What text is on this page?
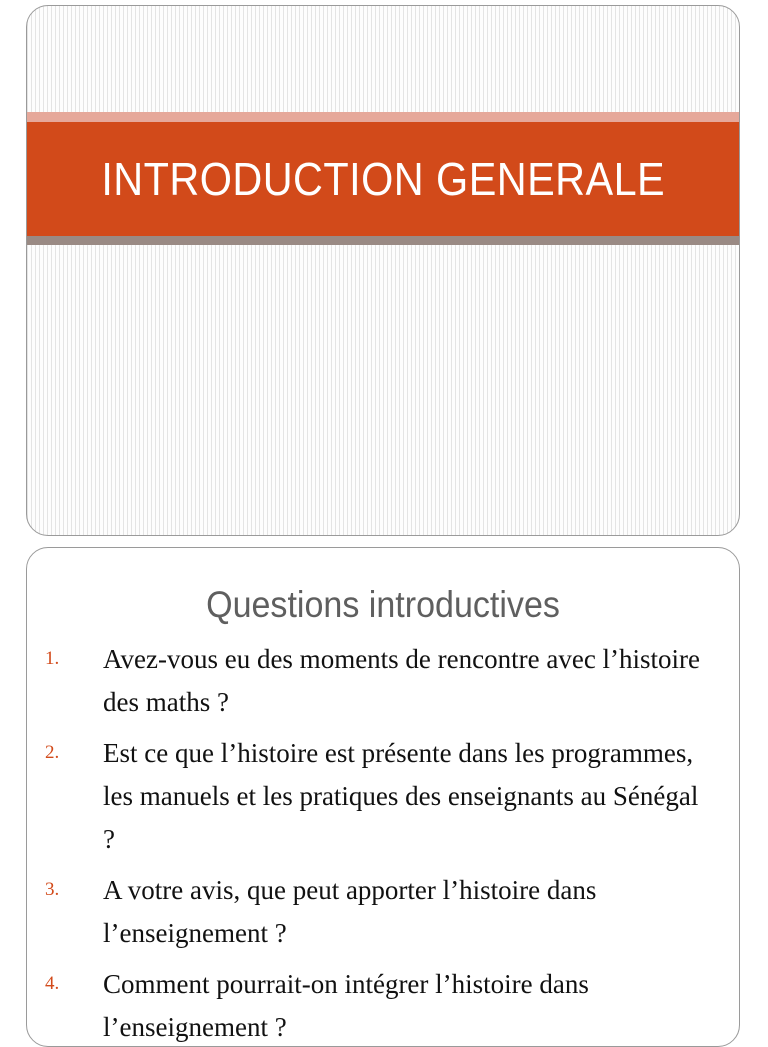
INTRODUCTION GENERALE
Questions introductives
1.	Avez-vous eu des moments de rencontre avec l’histoire des maths ?
2.	Est ce que l’histoire est présente dans les programmes, les manuels et les pratiques des enseignants au Sénégal ?
3.	A votre avis, que peut apporter l’histoire dans l’enseignement ?
4.	Comment pourrait-on intégrer l’histoire dans l’enseignement ?
